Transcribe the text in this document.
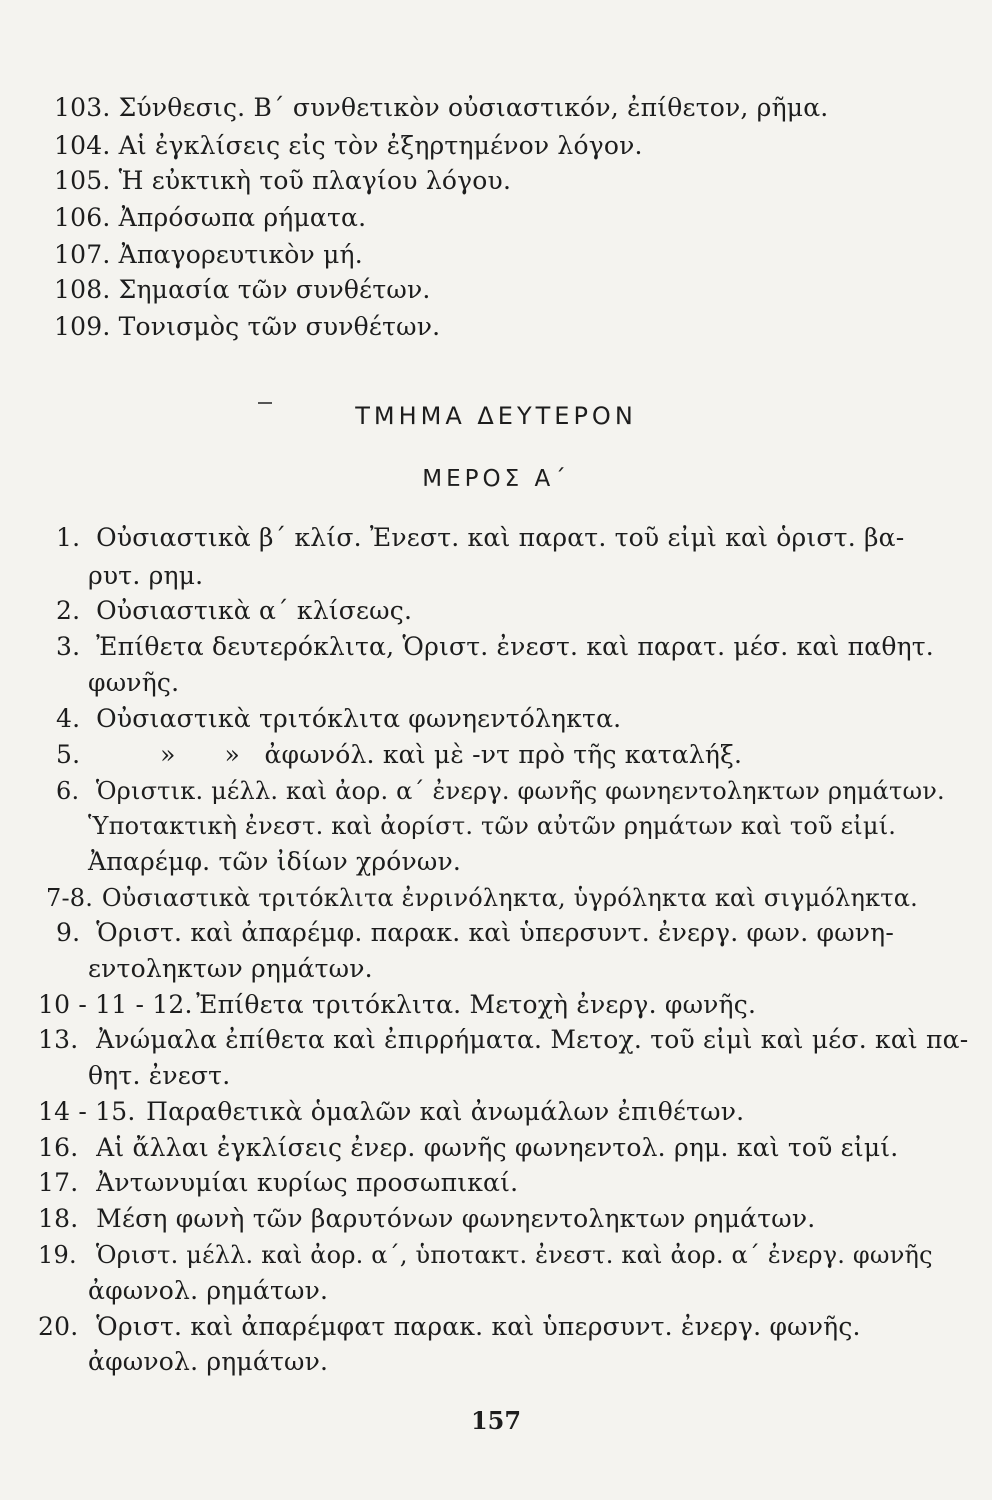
103. Σύνθεσις. Β΄ συνθετικὸν οὐσιαστικόν, ἐπίθετον, ρῆμα.
104. Αἱ ἐγκλίσεις εἰς τὸν ἐξηρτημένον λόγον.
105. Ἡ εὐκτικὴ τοῦ πλαγίου λόγου.
106. Ἀπρόσωπα ρήματα.
107. Ἀπαγορευτικὸν μή.
108. Σημασία τῶν συνθέτων.
109. Τονισμὸς τῶν συνθέτων.
ΤΜΗΜΑ ΔΕΥΤΕΡΟΝ
ΜΕΡΟΣ Α΄
1. Οὐσιαστικὰ β΄ κλίσ. Ἐνεστ. καὶ παρατ. τοῦ εἰμὶ καὶ ὁριστ. βα-
ρυτ. ρημ.
2. Οὐσιαστικὰ α΄ κλίσεως.
3. Ἐπίθετα δευτερόκλιτα, Ὁριστ. ἐνεστ. καὶ παρατ. μέσ. καὶ παθητ.
φωνῆς.
4. Οὐσιαστικὰ τριτόκλιτα φωνηεντόληκτα.
5.	»      »   ἀφωνόλ. καὶ μὲ -ντ πρὸ τῆς καταλήξ.
6. Ὁριστικ. μέλλ. καὶ ἀορ. α΄ ἐνεργ. φωνῆς φωνηεντοληκτων ρημάτων.
Ὑποτακτικὴ ἐνεστ. καὶ ἀορίστ. τῶν αὐτῶν ρημάτων καὶ τοῦ εἰμί.
Ἀπαρέμφ. τῶν ἰδίων χρόνων.
7-8. Οὐσιαστικὰ τριτόκλιτα ἐνρινόληκτα, ὑγρόληκτα καὶ σιγμόληκτα.
9. Ὁριστ. καὶ ἀπαρέμφ. παρακ. καὶ ὑπερσυντ. ἐνεργ. φων. φωνη-
εντοληκτων ρημάτων.
10 - 11 - 12. Ἐπίθετα τριτόκλιτα. Μετοχὴ ἐνεργ. φωνῆς.
13. Ἀνώμαλα ἐπίθετα καὶ ἐπιρρήματα. Μετοχ. τοῦ εἰμὶ καὶ μέσ. καὶ πα-
θητ. ἐνεστ.
14 - 15. Παραθετικὰ ὁμαλῶν καὶ ἀνωμάλων ἐπιθέτων.
16. Αἱ ἄλλαι ἐγκλίσεις ἐνερ. φωνῆς φωνηεντολ. ρημ. καὶ τοῦ εἰμί.
17. Ἀντωνυμίαι κυρίως προσωπικαί.
18. Μέση φωνὴ τῶν βαρυτόνων φωνηεντοληκτων ρημάτων.
19. Ὁριστ. μέλλ. καὶ ἀορ. α΄, ὑποτακτ. ἐνεστ. καὶ ἀορ. α΄ ἐνεργ. φωνῆς
ἀφωνολ. ρημάτων.
20. Ὁριστ. καὶ ἀπαρέμφατ παρακ. καὶ ὑπερσυντ. ἐνεργ. φωνῆς.
ἀφωνολ. ρημάτων.
157
